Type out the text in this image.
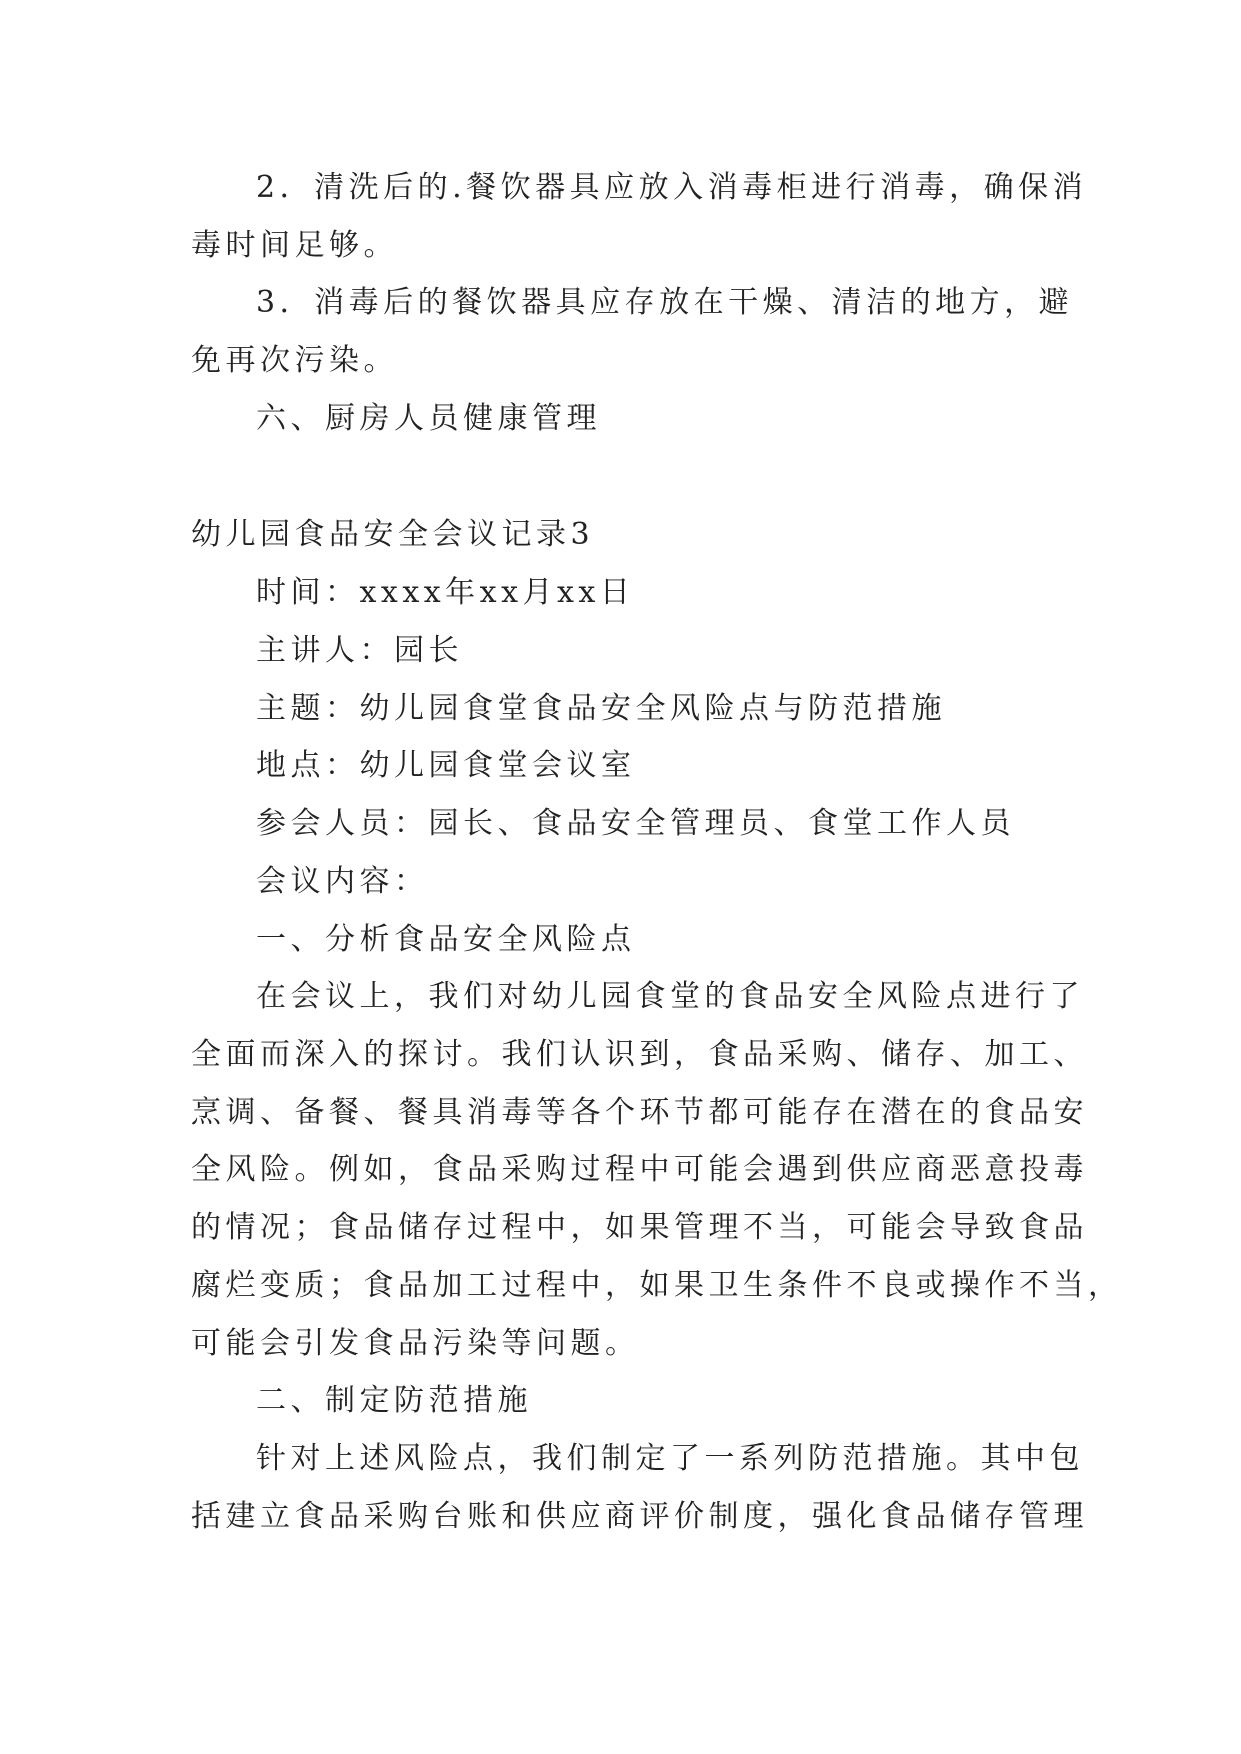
2．清洗后的.餐饮器具应放入消毒柜进行消毒，确保消
毒时间足够。
3．消毒后的餐饮器具应存放在干燥、清洁的地方，避
免再次污染。
六、厨房人员健康管理
幼儿园食品安全会议记录3
时间：xxxx年xx月xx日
主讲人：园长
主题：幼儿园食堂食品安全风险点与防范措施
地点：幼儿园食堂会议室
参会人员：园长、食品安全管理员、食堂工作人员
会议内容：
一、分析食品安全风险点
在会议上，我们对幼儿园食堂的食品安全风险点进行了
全面而深入的探讨。我们认识到，食品采购、储存、加工、
烹调、备餐、餐具消毒等各个环节都可能存在潜在的食品安
全风险。例如，食品采购过程中可能会遇到供应商恶意投毒
的情况；食品储存过程中，如果管理不当，可能会导致食品
腐烂变质；食品加工过程中，如果卫生条件不良或操作不当，
可能会引发食品污染等问题。
二、制定防范措施
针对上述风险点，我们制定了一系列防范措施。其中包
括建立食品采购台账和供应商评价制度，强化食品储存管理
